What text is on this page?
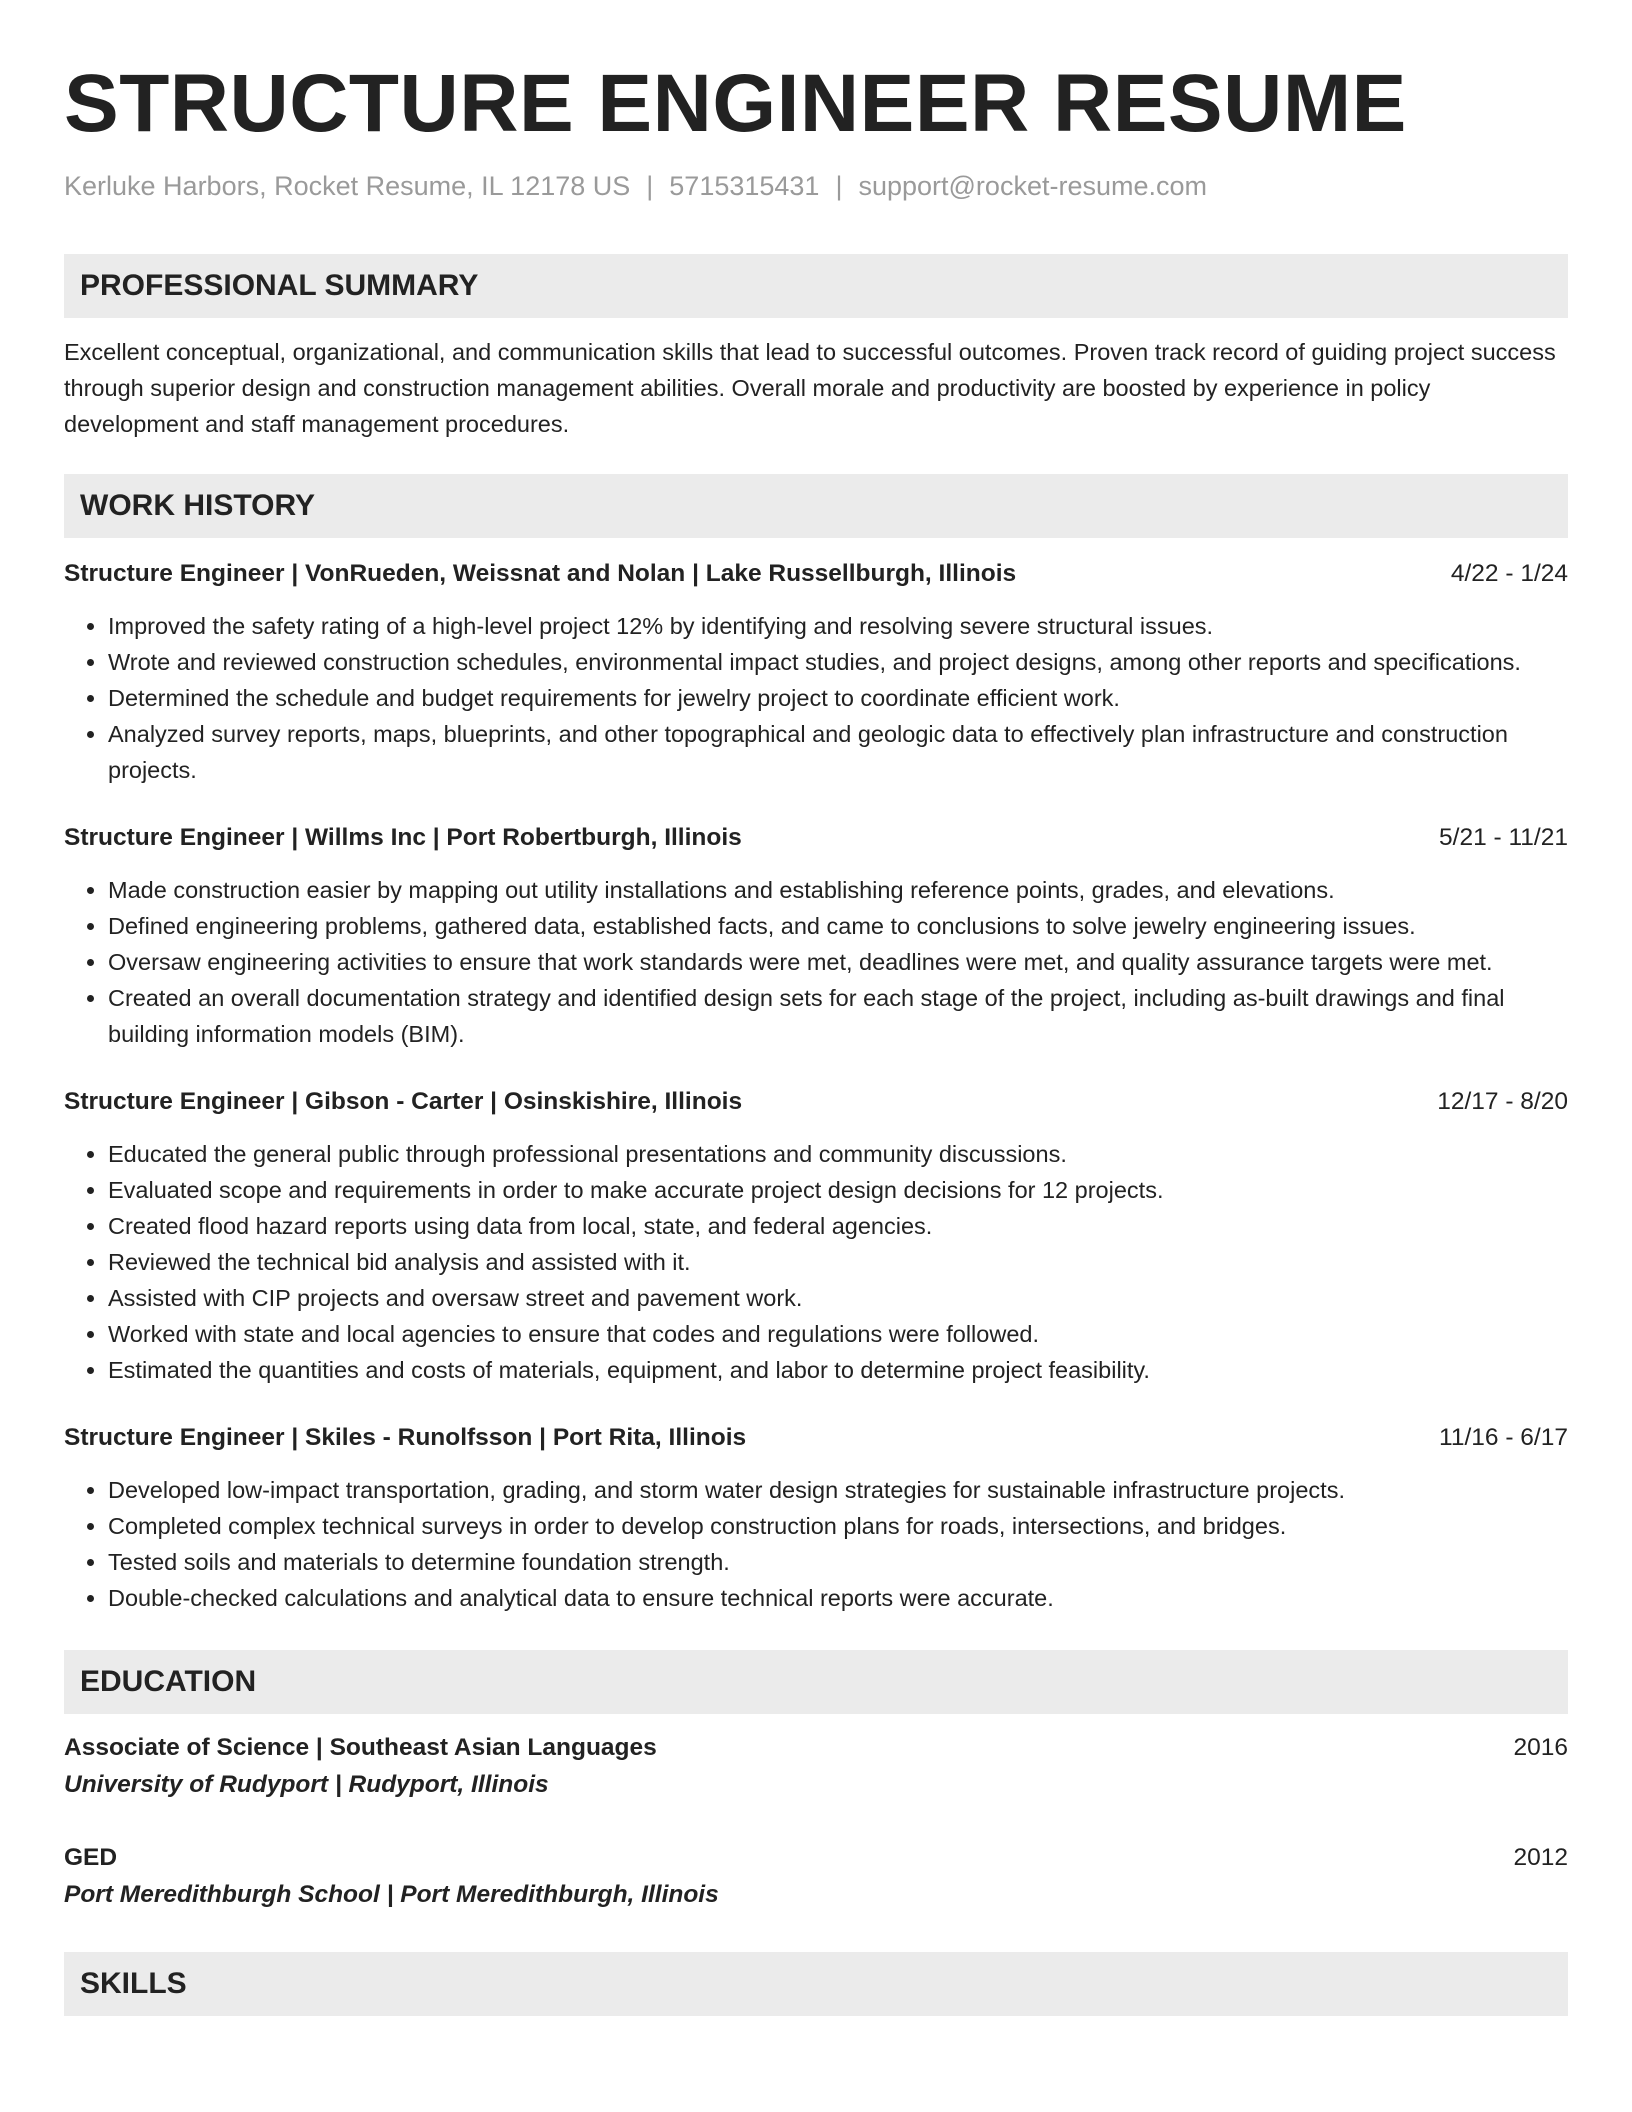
STRUCTURE ENGINEER RESUME
Kerluke Harbors, Rocket Resume, IL 12178 US | 5715315431 | support@rocket-resume.com
PROFESSIONAL SUMMARY
Excellent conceptual, organizational, and communication skills that lead to successful outcomes. Proven track record of guiding project success through superior design and construction management abilities. Overall morale and productivity are boosted by experience in policy development and staff management procedures.
WORK HISTORY
Structure Engineer | VonRueden, Weissnat and Nolan | Lake Russellburgh, Illinois	4/22 - 1/24
• Improved the safety rating of a high-level project 12% by identifying and resolving severe structural issues.
• Wrote and reviewed construction schedules, environmental impact studies, and project designs, among other reports and specifications.
• Determined the schedule and budget requirements for jewelry project to coordinate efficient work.
• Analyzed survey reports, maps, blueprints, and other topographical and geologic data to effectively plan infrastructure and construction projects.
Structure Engineer | Willms Inc | Port Robertburgh, Illinois	5/21 - 11/21
• Made construction easier by mapping out utility installations and establishing reference points, grades, and elevations.
• Defined engineering problems, gathered data, established facts, and came to conclusions to solve jewelry engineering issues.
• Oversaw engineering activities to ensure that work standards were met, deadlines were met, and quality assurance targets were met.
• Created an overall documentation strategy and identified design sets for each stage of the project, including as-built drawings and final building information models (BIM).
Structure Engineer | Gibson - Carter | Osinskishire, Illinois	12/17 - 8/20
• Educated the general public through professional presentations and community discussions.
• Evaluated scope and requirements in order to make accurate project design decisions for 12 projects.
• Created flood hazard reports using data from local, state, and federal agencies.
• Reviewed the technical bid analysis and assisted with it.
• Assisted with CIP projects and oversaw street and pavement work.
• Worked with state and local agencies to ensure that codes and regulations were followed.
• Estimated the quantities and costs of materials, equipment, and labor to determine project feasibility.
Structure Engineer | Skiles - Runolfsson | Port Rita, Illinois	11/16 - 6/17
• Developed low-impact transportation, grading, and storm water design strategies for sustainable infrastructure projects.
• Completed complex technical surveys in order to develop construction plans for roads, intersections, and bridges.
• Tested soils and materials to determine foundation strength.
• Double-checked calculations and analytical data to ensure technical reports were accurate.
EDUCATION
Associate of Science | Southeast Asian Languages	2016
University of Rudyport | Rudyport, Illinois
GED	2012
Port Meredithburgh School | Port Meredithburgh, Illinois
SKILLS
